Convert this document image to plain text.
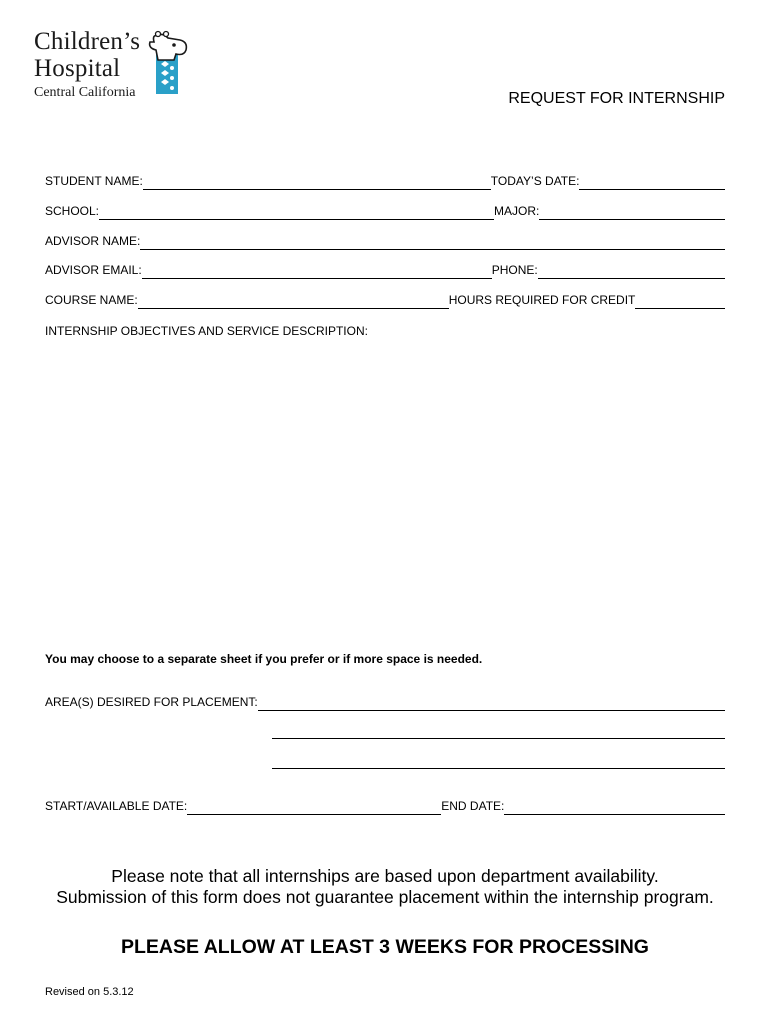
Children’s
Hospital
Central California	REQUEST FOR INTERNSHIP
STUDENT NAME:	TODAY’S DATE:
SCHOOL:	MAJOR:
ADVISOR NAME:
ADVISOR EMAIL:	PHONE:
COURSE NAME:	HOURS REQUIRED FOR CREDIT
INTERNSHIP OBJECTIVES AND SERVICE DESCRIPTION:
You may choose to a separate sheet if you prefer or if more space is needed.
AREA(S) DESIRED FOR PLACEMENT:
START/AVAILABLE DATE:	END DATE:
Please note that all internships are based upon department availability.
Submission of this form does not guarantee placement within the internship program.
PLEASE ALLOW AT LEAST 3 WEEKS FOR PROCESSING
Revised on 5.3.12
